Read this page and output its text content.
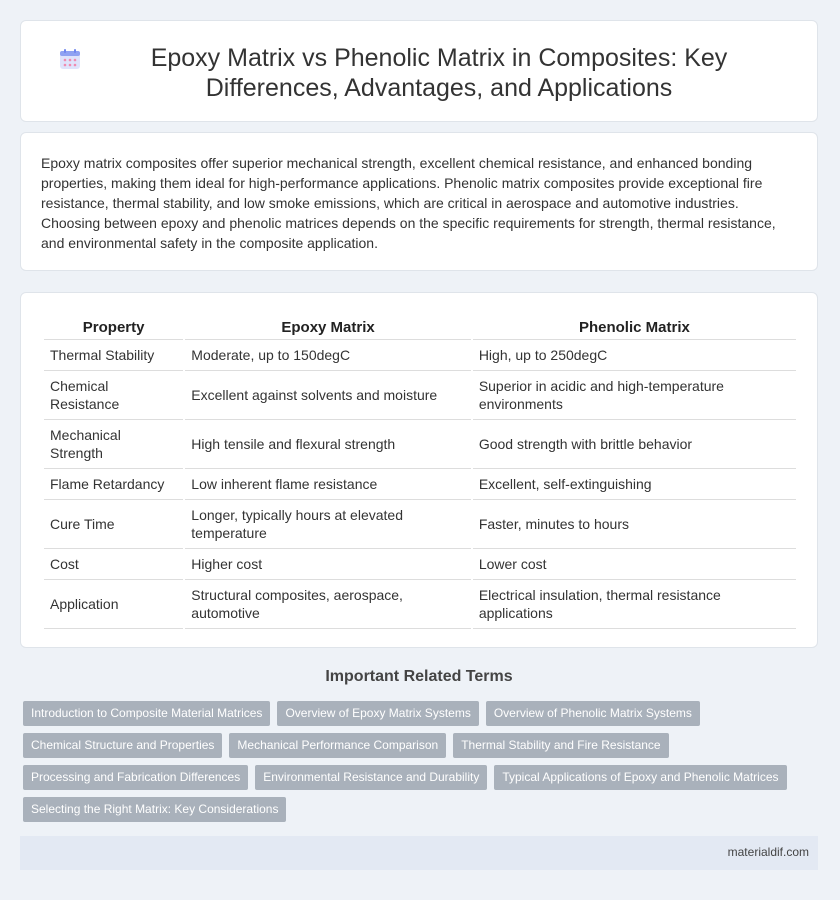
Epoxy Matrix vs Phenolic Matrix in Composites: Key Differences, Advantages, and Applications

Epoxy matrix composites offer superior mechanical strength, excellent chemical resistance, and enhanced bonding properties, making them ideal for high-performance applications. Phenolic matrix composites provide exceptional fire resistance, thermal stability, and low smoke emissions, which are critical in aerospace and automotive industries. Choosing between epoxy and phenolic matrices depends on the specific requirements for strength, thermal resistance, and environmental safety in the composite application.

Property	Epoxy Matrix	Phenolic Matrix
Thermal Stability	Moderate, up to 150degC	High, up to 250degC
Chemical Resistance	Excellent against solvents and moisture	Superior in acidic and high-temperature environments
Mechanical Strength	High tensile and flexural strength	Good strength with brittle behavior
Flame Retardancy	Low inherent flame resistance	Excellent, self-extinguishing
Cure Time	Longer, typically hours at elevated temperature	Faster, minutes to hours
Cost	Higher cost	Lower cost
Application	Structural composites, aerospace, automotive	Electrical insulation, thermal resistance applications
Important Related Terms
Introduction to Composite Material Matrices	Overview of Epoxy Matrix Systems	Overview of Phenolic Matrix Systems
Chemical Structure and Properties	Mechanical Performance Comparison	Thermal Stability and Fire Resistance
Processing and Fabrication Differences	Environmental Resistance and Durability	Typical Applications of Epoxy and Phenolic Matrices
Selecting the Right Matrix: Key Considerations
materialdif.com
